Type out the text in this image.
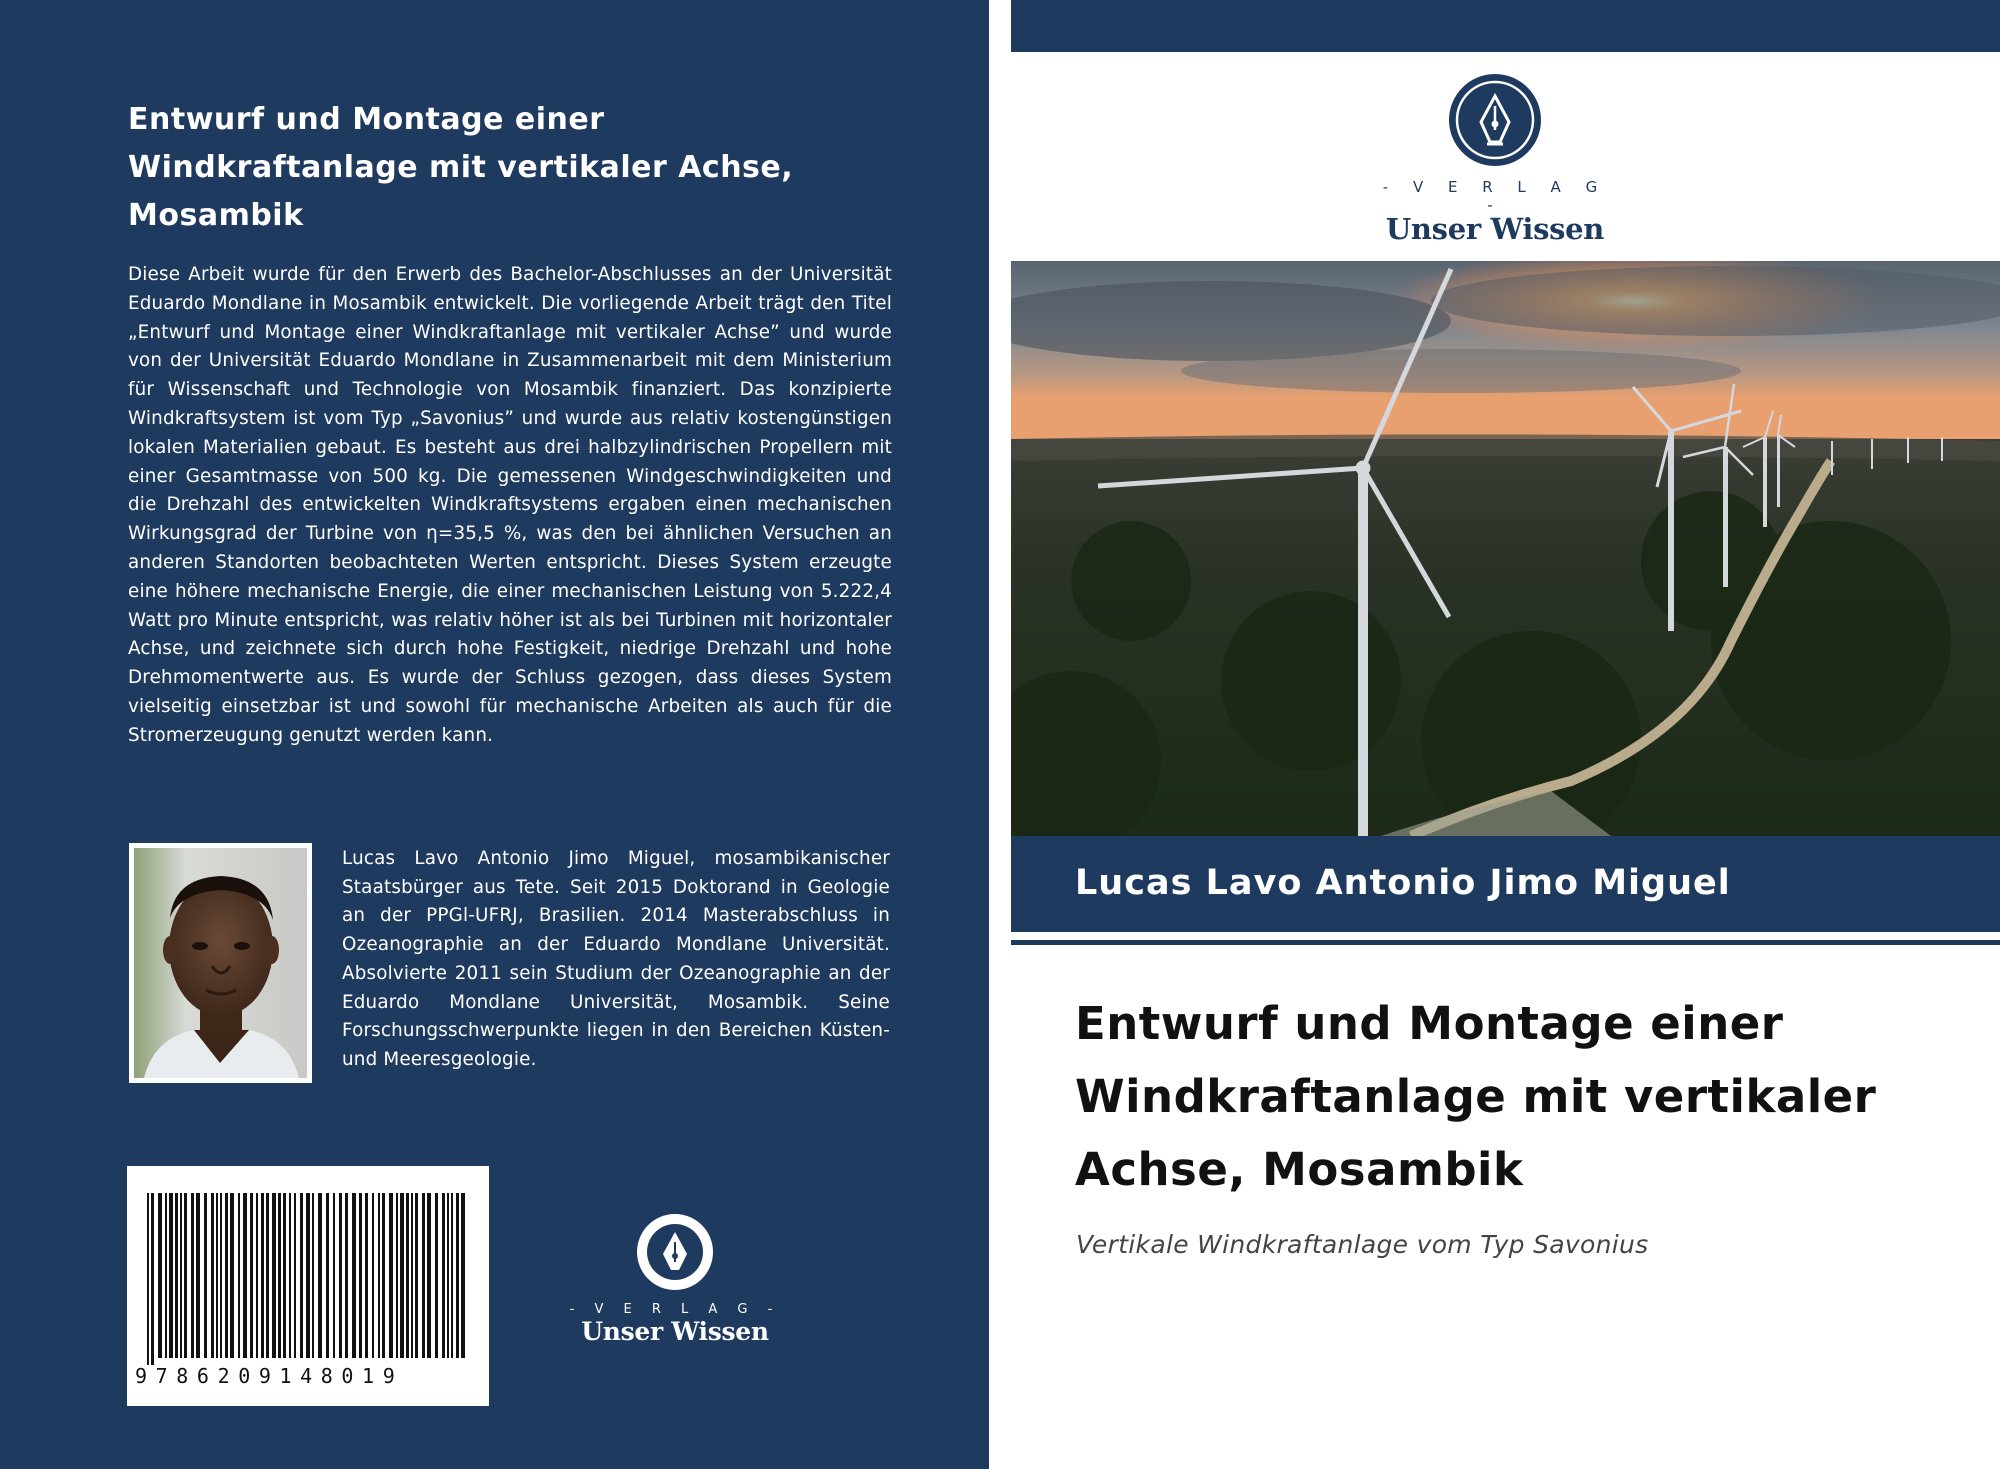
Entwurf und Montage einer Windkraftanlage mit vertikaler Achse, Mosambik

Diese Arbeit wurde für den Erwerb des Bachelor-Abschlusses an der Universität Eduardo Mondlane in Mosambik entwickelt. Die vorliegende Arbeit trägt den Titel „Entwurf und Montage einer Windkraftanlage mit vertikaler Achse” und wurde von der Universität Eduardo Mondlane in Zusammenarbeit mit dem Ministerium für Wissenschaft und Technologie von Mosambik finanziert. Das konzipierte Windkraftsystem ist vom Typ „Savonius” und wurde aus relativ kostengünstigen lokalen Materialien gebaut. Es besteht aus drei halbzylindrischen Propellern mit einer Gesamtmasse von 500 kg. Die gemessenen Windgeschwindigkeiten und die Drehzahl des entwickelten Windkraftsystems ergaben einen mechanischen Wirkungsgrad der Turbine von η=35,5 %, was den bei ähnlichen Versuchen an anderen Standorten beobachteten Werten entspricht. Dieses System erzeugte eine höhere mechanische Energie, die einer mechanischen Leistung von 5.222,4 Watt pro Minute entspricht, was relativ höher ist als bei Turbinen mit horizontaler Achse, und zeichnete sich durch hohe Festigkeit, niedrige Drehzahl und hohe Drehmomentwerte aus. Es wurde der Schluss gezogen, dass dieses System vielseitig einsetzbar ist und sowohl für mechanische Arbeiten als auch für die Stromerzeugung genutzt werden kann.

Lucas Lavo Antonio Jimo Miguel, mosambikanischer Staatsbürger aus Tete. Seit 2015 Doktorand in Geologie an der PPGl-UFRJ, Brasilien. 2014 Masterabschluss in Ozeanographie an der Eduardo Mondlane Universität. Absolvierte 2011 sein Studium der Ozeanographie an der Eduardo Mondlane Universität, Mosambik. Seine Forschungsschwerpunkte liegen in den Bereichen Küsten- und Meeresgeologie.

9786209148019
- V E R L A G -
Unser Wissen
- V E R L A G -
Unser Wissen
Lucas Lavo Antonio Jimo Miguel
Entwurf und Montage einer Windkraftanlage mit vertikaler Achse, Mosambik
Vertikale Windkraftanlage vom Typ Savonius
